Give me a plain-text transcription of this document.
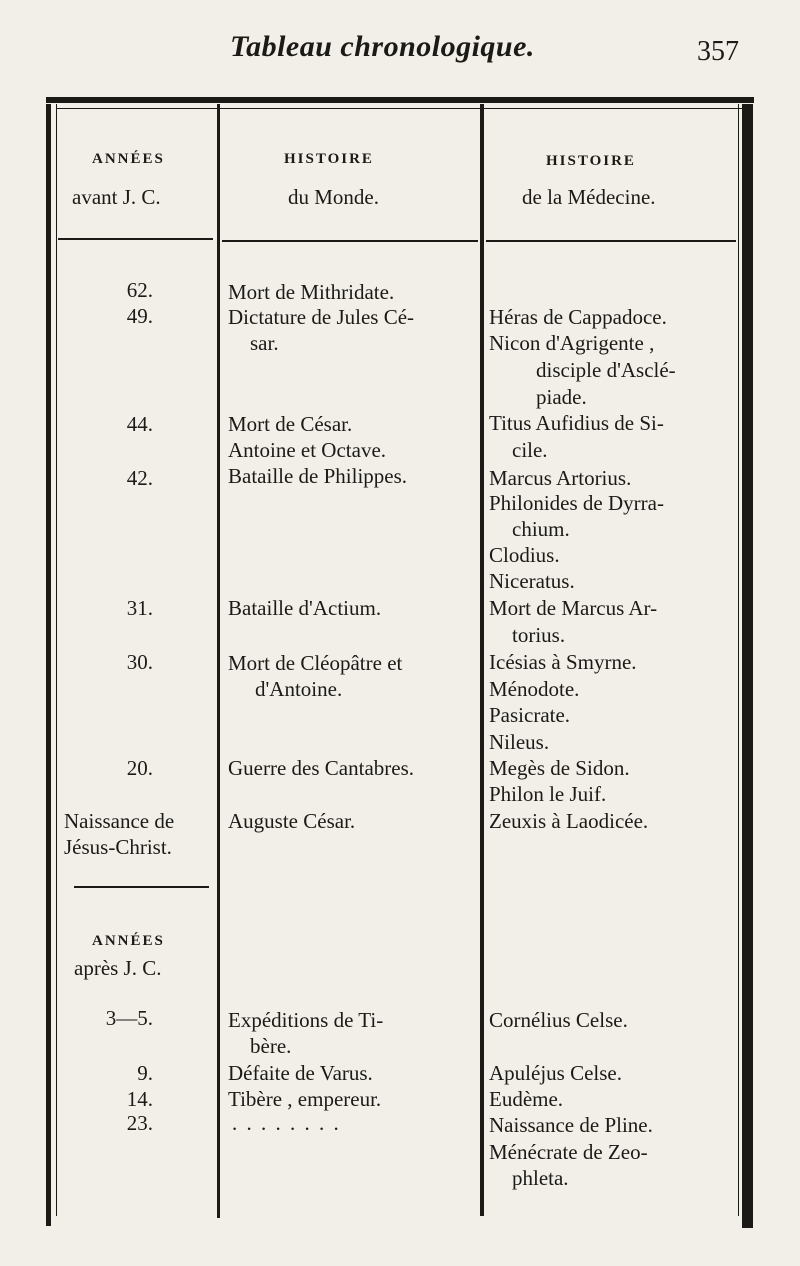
Tableau chronologique.	357
ANNÉES
avant J. C.
HISTOIRE
du Monde.
HISTOIRE
de la Médecine.
62.
49.
44.
42.
31.
30.
20.
Naissance de
Jésus-Christ.
Mort de Mithridate.
Dictature de Jules Cé-
sar.
Mort de César.
Antoine et Octave.
Bataille de Philippes.
Bataille d'Actium.
Mort de Cléopâtre et
d'Antoine.
Guerre des Cantabres.
Auguste César.
Héras de Cappadoce.
Nicon d'Agrigente ,
disciple d'Asclé-
piade.
Titus Aufidius de Si-
cile.
Marcus Artorius.
Philonides de Dyrra-
chium.
Clodius.
Niceratus.
Mort de Marcus Ar-
torius.
Icésias à Smyrne.
Ménodote.
Pasicrate.
Nileus.
Megès de Sidon.
Philon le Juif.
Zeuxis à Laodicée.
ANNÉES
après J. C.
3—5.
9.
14.
23.
Expéditions de Ti-
bère.
Défaite de Varus.
Tibère , empereur.
. . . . . . . .
Cornélius Celse.
Apuléjus Celse.
Eudème.
Naissance de Pline.
Ménécrate de Zeo-
phleta.
